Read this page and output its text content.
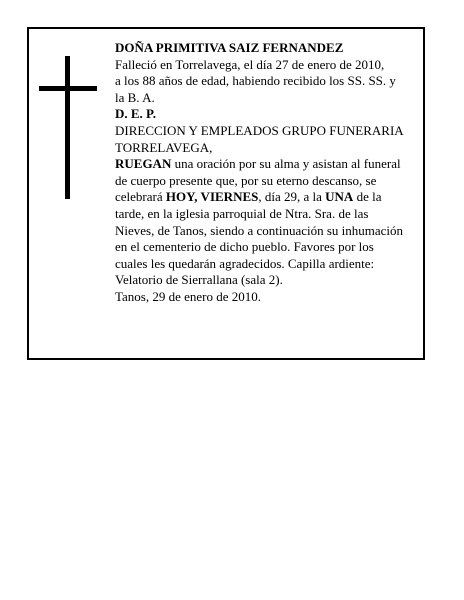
DOÑA PRIMITIVA SAIZ FERNANDEZ
Falleció en Torrelavega, el día 27 de enero de 2010,
a los 88 años de edad, habiendo recibido los SS. SS. y
la B. A.
D. E. P.
DIRECCION Y EMPLEADOS GRUPO FUNERARIA
TORRELAVEGA,
RUEGAN una oración por su alma y asistan al funeral
de cuerpo presente que, por su eterno descanso, se
celebrará HOY, VIERNES, día 29, a la UNA de la
tarde, en la iglesia parroquial de Ntra. Sra. de las
Nieves, de Tanos, siendo a continuación su inhumación
en el cementerio de dicho pueblo. Favores por los
cuales les quedarán agradecidos. Capilla ardiente:
Velatorio de Sierrallana (sala 2).
Tanos, 29 de enero de 2010.
